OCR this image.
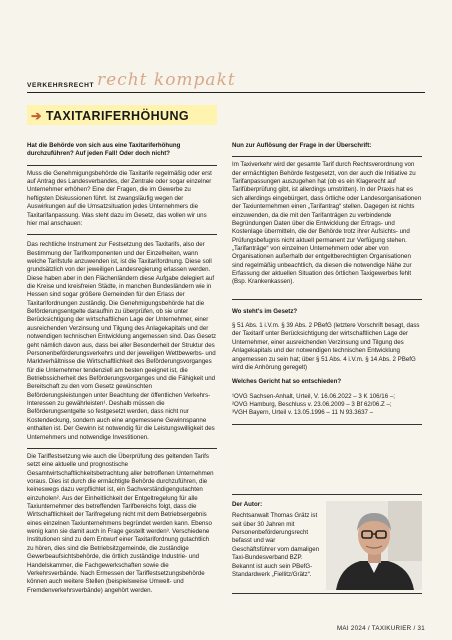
VERKEHRSRECHT recht kompakt
➔ TAXITARIFERHÖHUNG

Hat die Behörde von sich aus eine Taxitariferhöhung durchzuführen? Auf jeden Fall! Oder doch nicht?

Muss die Genehmigungsbehörde die Taxitarife regelmäßig oder erst auf Antrag des Landesverbandes, der Zentrale oder sogar einzelner Unternehmer erhöhen? Eine der Fragen, die im Gewerbe zu heftigsten Diskussionen führt. Ist zwangsläufig wegen der Auswirkungen auf die Umsatzsituation jedes Unternehmers die Taxitarifanpassung. Was steht dazu im Gesetz, das wollen wir uns hier mal anschauen:

Das rechtliche Instrument zur Festsetzung des Taxitarifs, also der Bestimmung der Tarifkomponenten und der Einzelheiten, wann welche Tarifstufe anzuwenden ist, ist die Taxitarifordnung. Diese soll grundsätzlich von der jeweiligen Landesregierung erlassen werden. Diese haben aber in den Flächenländern diese Aufgabe delegiert auf die Kreise und kreisfreien Städte, in manchen Bundesländern wie in Hessen sind sogar größere Gemeinden für den Erlass der Taxitarifordnungen zuständig. Die Genehmigungsbehörde hat die Beförderungsentgelte daraufhin zu überprüfen, ob sie unter Berücksichtigung der wirtschaftlichen Lage der Unternehmer, einer ausreichenden Verzinsung und Tilgung des Anlagekapitals und der notwendigen technischen Entwicklung angemessen sind. Das Gesetz geht nämlich davon aus, dass bei aller Besonderheit der Struktur des Personenbeförderungsverkehrs und der jeweiligen Wettbewerbs- und Marktverhältnisse die Wirtschaftlichkeit des Beförderungsvorganges für die Unternehmer tendenziell am besten geeignet ist, die Betriebssicherheit des Beförderungsvorganges und die Fähigkeit und Bereitschaft zu den vom Gesetz gewünschten Beförderungsleistungen unter Beachtung der öffentlichen Verkehrs-Interessen zu gewährleisten¹. Deshalb müssen die Beförderungsentgelte so festgesetzt werden, dass nicht nur Kostendeckung, sondern auch eine angemessene Gewinnspanne enthalten ist. Der Gewinn ist notwendig für die Leistungswilligkeit des Unternehmers und notwendige Investitionen.

Die Tariffestsetzung wie auch die Überprüfung des geltenden Tarifs setzt eine aktuelle und prognostische Gesamtwirtschaftlichkeitsbetrachtung aller betroffenen Unternehmen voraus. Dies ist durch die ermächtigte Behörde durchzuführen, die keineswegs dazu verpflichtet ist, ein Sachverständigengutachten einzuholen². Aus der Einheitlichkeit der Entgeltregelung für alle Taxiunternehmer des betreffenden Tarifbereichs folgt, dass die Wirtschaftlichkeit der Tarifregelung nicht mit dem Betriebsergebnis eines einzelnen Taxiunternehmens begründet werden kann. Ebenso wenig kann sie damit auch in Frage gestellt werden³. Verschiedene Institutionen sind zu dem Entwurf einer Taxitarifordnung gutachtlich zu hören, dies sind die Betriebsitzgemeinde, die zuständige Gewerbeaufsichtsbehörde, die örtlich zuständige Industrie- und Handelskammer, die Fachgewerkschaften sowie die Verkehrsverbände. Nach Ermessen der Tariffestsetzungsbehörde können auch weitere Stellen (beispielsweise Umwelt- und Fremdenverkehrsverbände) angehört werden.

Nun zur Auflösung der Frage in der Überschrift:

Im Taxiverkehr wird der gesamte Tarif durch Rechtsverordnung von der ermächtigten Behörde festgesetzt, von der auch die Initiative zu Tarifanpassungen auszugehen hat (ob es ein Klagerecht auf Tarifüberprüfung gibt, ist allerdings umstritten). In der Praxis hat es sich allerdings eingebürgert, dass örtliche oder Landesorganisationen der Taxiunternehmen einen „Tarifantrag“ stellen. Dagegen ist nichts einzuwenden, da die mit den Tarifanträgen zu verbindende Begründungen Daten über die Entwicklung der Ertrags- und Kostenlage übermitteln, die der Behörde trotz ihrer Aufsichts- und Prüfungsbefugnis nicht aktuell permanent zur Verfügung stehen. „Tarifanträge“ von einzelnen Unternehmern oder aber von Organisationen außerhalb der entgeltberechtigten Organisationen sind regelmäßig unbeachtlich, da diesen die notwendige Nähe zur Erfassung der aktuellen Situation des örtlichen Taxigewerbes fehlt (Bsp. Krankenkassen).

Wo steht's im Gesetz?

§ 51 Abs. 1 i.V.m. § 39 Abs. 2 PBefG (letztere Vorschrift besagt, dass der Taxitarif unter Berücksichtigung der wirtschaftlichen Lage der Unternehmer, einer ausreichenden Verzinsung und Tilgung des Anlagekapitals und der notwendigen technischen Entwicklung angemessen zu sein hat; über § 51 Abs. 4 i.V.m. § 14 Abs. 2 PBefG wird die Anhörung geregelt)

Welches Gericht hat so entschieden?

¹OVG Sachsen-Anhalt, Urteil, V. 16.06.2022 – 3 K 106/16 –;

²OVG Hamburg, Beschluss v. 23.06.2009 – 3 Bf 62/06.Z –;

³VGH Bayern, Urteil v. 13.05.1996 – 11 N 93.3637 –

Der Autor:

Rechtsanwalt Thomas Grätz ist seit über 30 Jahren mit Personenbeförderungsrecht befasst und war Geschäftsführer vom damaligen Taxi-Bundesverband BZP. Bekannt ist auch sein PBefG-Standardwerk „Fiellitz/Grätz“.

MAI 2024 / TAXIKURIER / 31
